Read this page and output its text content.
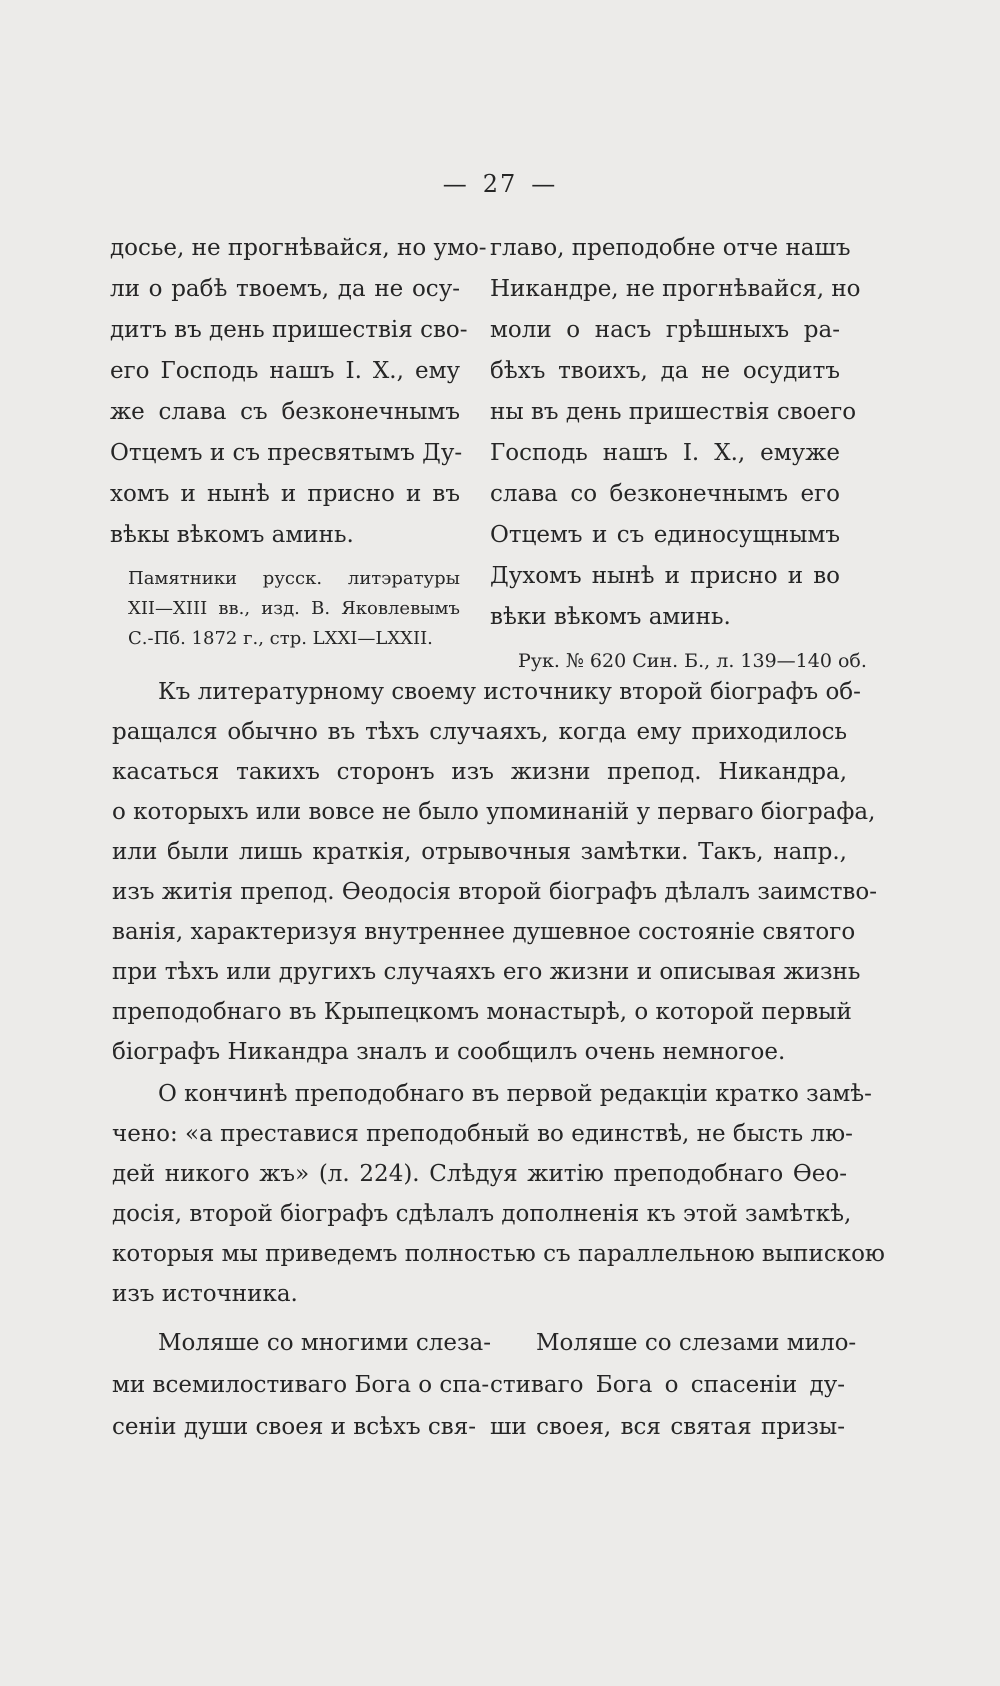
— 27 —
досье, не прогнѣвайся, но умо-
ли о рабѣ твоемъ, да не осу-
дитъ въ день пришествія сво-
его Господь нашъ І. Х., ему
же слава съ безконечнымъ
Отцемъ и съ пресвятымъ Ду-
хомъ и нынѣ и присно и въ
вѣкы вѣкомъ аминь.
Памятники русск. литэратуры
XII—XIII вв., изд. В. Яковлевымъ
С.-Пб. 1872 г., стр. LXXI—LXXII.
главо, преподобне отче нашъ
Никандре, не прогнѣвайся, но
моли о насъ грѣшныхъ ра-
бѣхъ твоихъ, да не осудитъ
ны въ день пришествія своего
Господь нашъ І. Х., емуже
слава со безконечнымъ его
Отцемъ и съ единосущнымъ
Духомъ нынѣ и присно и во
вѣки вѣкомъ аминь.
Рук. № 620 Син. Б., л. 139—140 об.
Къ литературному своему источнику второй біографъ об-
ращался обычно въ тѣхъ случаяхъ, когда ему приходилось
касаться такихъ сторонъ изъ жизни препод. Никандра,
о которыхъ или вовсе не было упоминаній у перваго біографа,
или были лишь краткія, отрывочныя замѣтки. Такъ, напр.,
изъ житія препод. Ѳеодосія второй біографъ дѣлалъ заимство-
ванія, характеризуя внутреннее душевное состояніе святого
при тѣхъ или другихъ случаяхъ его жизни и описывая жизнь
преподобнаго въ Крыпецкомъ монастырѣ, о которой первый
біографъ Никандра зналъ и сообщилъ очень немногое.
О кончинѣ преподобнаго въ первой редакціи кратко замѣ-
чено: «а преставися преподобный во единствѣ, не бысть лю-
дей никого жъ» (л. 224). Слѣдуя житію преподобнаго Ѳео-
досія, второй біографъ сдѣлалъ дополненія къ этой замѣткѣ,
которыя мы приведемъ полностью съ параллельною выпискою
изъ источника.
Моляше со многими слеза-
ми всемилостиваго Бога о спа-
сеніи души своея и всѣхъ свя-
Моляше со слезами мило-
стиваго Бога о спасеніи ду-
ши своея, вся святая призы-
